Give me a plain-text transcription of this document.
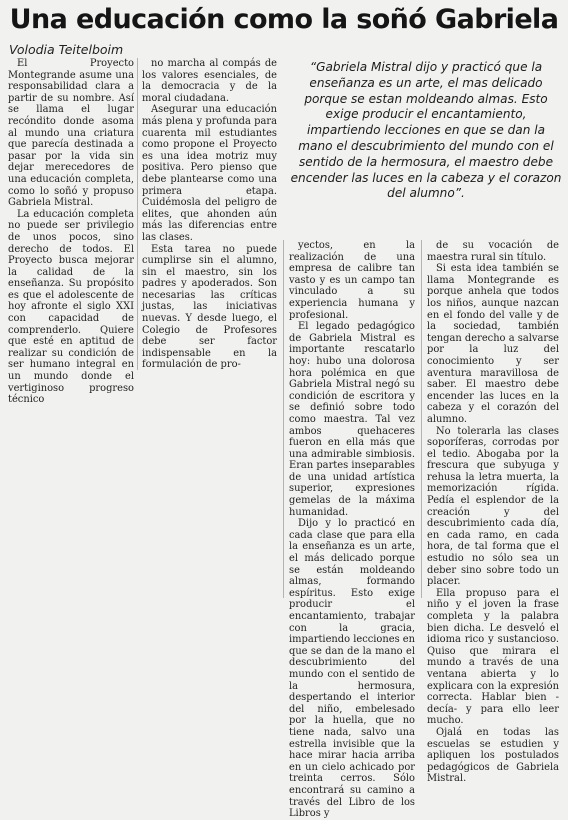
Una educación como la soñó Gabriela
Volodia Teitelboim

El Proyecto Montegrande asume una responsabilidad clara a partir de su nombre. Así se llama el lugar recóndito donde asoma al mundo una criatura que parecía destinada a pasar por la vida sin dejar merecedores de una educación completa, como lo soñó y propuso Gabriela Mistral.

La educación completa no puede ser privilegio de unos pocos, sino derecho de todos. El Proyecto busca mejorar la calidad de la enseñanza. Su propósito es que el adolescente de hoy afronte el siglo XXI con capacidad de comprenderlo. Quiere que esté en aptitud de realizar su condición de ser humano integral en un mundo donde el vertiginoso progreso técnico

no marcha al compás de los valores esenciales, de la democracia y de la moral ciudadana.

Asegurar una educación más plena y profunda para cuarenta mil estudiantes como propone el Proyecto es una idea motriz muy positiva. Pero pienso que debe plantearse como una primera etapa. Cuidémosla del peligro de elites, que ahonden aún más las diferencias entre las clases.

Esta tarea no puede cumplirse sin el alumno, sin el maestro, sin los padres y apoderados. Son necesarias las críticas justas, las iniciativas nuevas. Y desde luego, el Colegio de Profesores debe ser factor indispensable en la formulación de pro-

“Gabriela Mistral dijo y practicó que la enseñanza es un arte, el mas delicado porque se estan moldeando almas. Esto exige producir el encantamiento, impartiendo lecciones en que se dan la mano el descubrimiento del mundo con el sentido de la hermosura, el maestro debe encender las luces en la cabeza y el corazon del alumno”.

yectos, en la realización de una empresa de calibre tan vasto y es un campo tan vinculado a su experiencia humana y profesional.

El legado pedagógico de Gabriela Mistral es importante rescatarlo hoy: hubo una dolorosa hora polémica en que Gabriela Mistral negó su condición de escritora y se definió sobre todo como maestra. Tal vez ambos quehaceres fueron en ella más que una admirable simbiosis. Eran partes inseparables de una unidad artística superior, expresiones gemelas de la máxima humanidad.

Dijo y lo practicó en cada clase que para ella la enseñanza es un arte, el más delicado porque se están moldeando almas, formando espíritus. Esto exige producir el encantamiento, trabajar con la gracia, impartiendo lecciones en que se dan de la mano el descubrimiento del mundo con el sentido de la hermosura, despertando el interior del niño, embelesado por la huella, que no tiene nada, salvo una estrella invisible que la hace mirar hacia arriba en un cielo achicado por treinta cerros. Sólo encontrará su camino a través del Libro de los Libros y

de su vocación de maestra rural sin título.

Si esta idea también se llama Montegrande es porque anhela que todos los niños, aunque nazcan en el fondo del valle y de la sociedad, también tengan derecho a salvarse por la luz del conocimiento y ser aventura maravillosa de saber. El maestro debe encender las luces en la cabeza y el corazón del alumno.

No tolerarla las clases soporíferas, corrodas por el tedio. Abogaba por la frescura que subyuga y rehusa la letra muerta, la memorización rígida. Pedía el esplendor de la creación y del descubrimiento cada día, en cada ramo, en cada hora, de tal forma que el estudio no sólo sea un deber sino sobre todo un placer.

Ella propuso para el niño y el joven la frase completa y la palabra bien dicha. Le desveló el idioma rico y sustancioso. Quiso que mirara el mundo a través de una ventana abierta y lo explicara con la expresión correcta. Hablar bien -decía- y para ello leer mucho.

Ojalá en todas las escuelas se estudien y apliquen los postulados pedagógicos de Gabriela Mistral.
